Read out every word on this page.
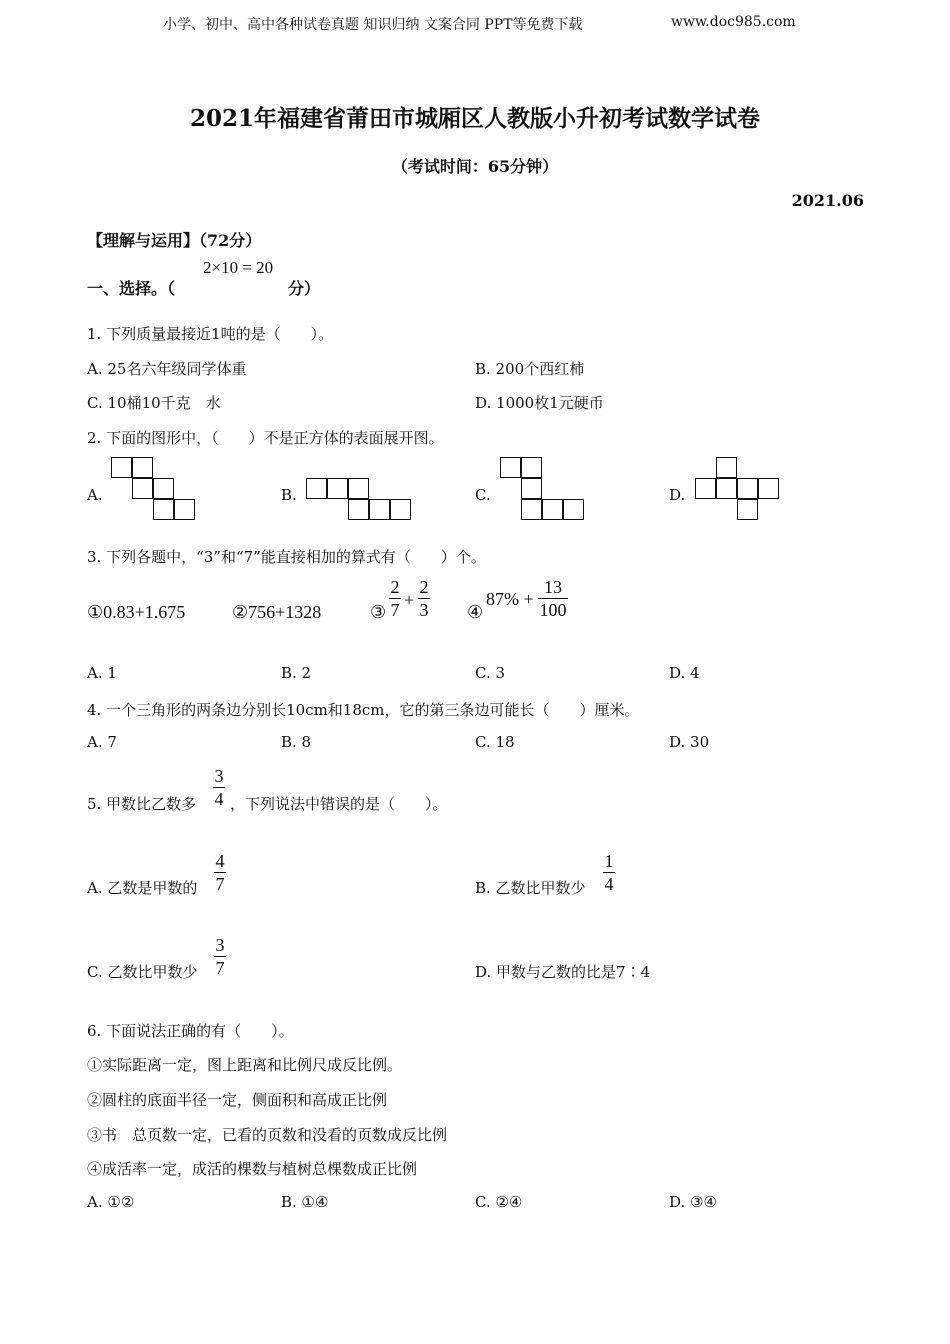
小学、初中、高中各种试卷真题 知识归纳 文案合同 PPT等免费下载	www.doc985.com
2021年福建省莆田市城厢区人教版小升初考试数学试卷
（考试时间：65分钟）
2021.06
【理解与运用】（72分）
一、选择。（
2×10 = 20
分）
1. 下列质量最接近1吨的是（　　）。
A. 25名六年级同学体重	B. 200个西红柿
C. 10桶10千克　水	D. 1000枚1元硬币
2. 下面的图形中，（　　）不是正方体的表面展开图。
A.	B.	C.	D.
3. 下列各题中，“3”和“7”能直接相加的算式有（　　）个。
①0.83+1.675	②756+1328	③
2
7 +
2
3 ④
87% +
13
100
A. 1	B. 2	C. 3	D. 4
4. 一个三角形的两条边分别长10cm和18cm，它的第三条边可能长（　　）厘米。
A. 7	B. 8	C. 18	D. 30
5. 甲数比乙数多
3
4 ，下列说法中错误的是（　　）。
A. 乙数是甲数的
4
7	B. 乙数比甲数少
1
4
C. 乙数比甲数少
3
7	D. 甲数与乙数的比是7∶4
6. 下面说法正确的有（　　）。
①实际距离一定，图上距离和比例尺成反比例。
②圆柱的底面半径一定，侧面积和高成正比例
③书　总页数一定，已看的页数和没看的页数成反比例
④成活率一定，成活的棵数与植树总棵数成正比例
A. ①②	B. ①④	C. ②④	D. ③④
